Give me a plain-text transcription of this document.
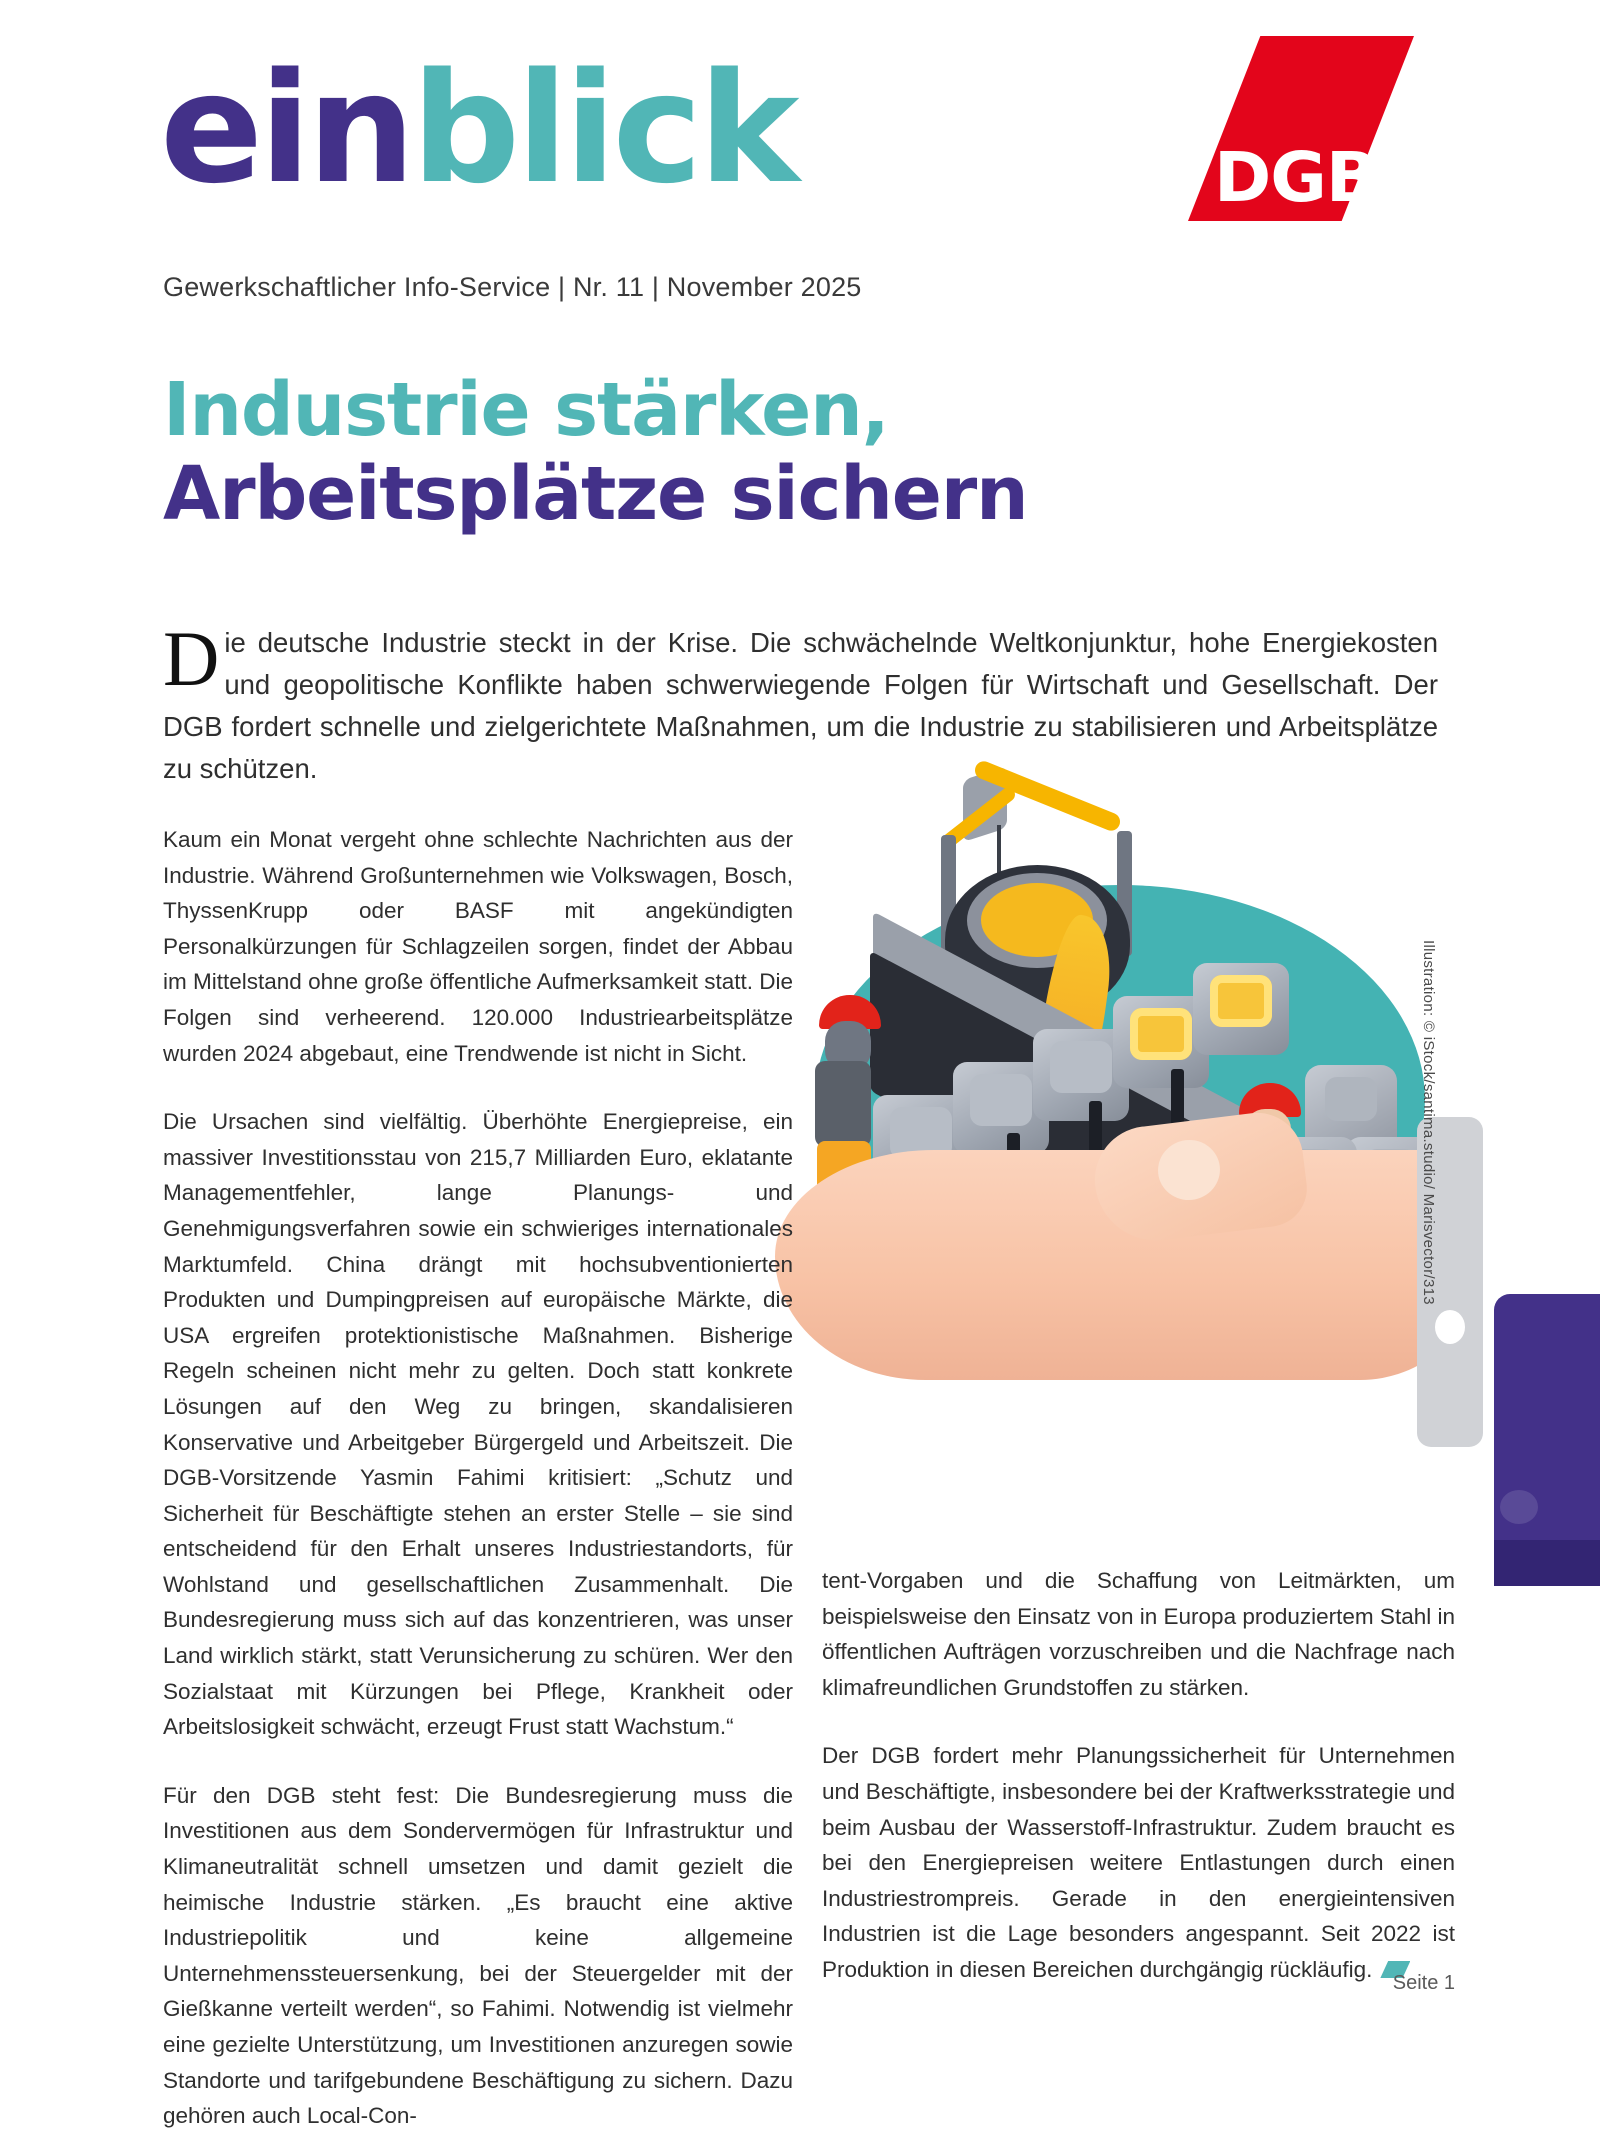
einblick
Gewerkschaftlicher Info-Service | Nr. 11 | November 2025
DGB
Industrie stärken,
Arbeitsplätze sichern
Die deutsche Industrie steckt in der Krise. Die schwächelnde Weltkonjunktur, hohe Energiekosten und geopolitische Konflikte haben schwerwiegende Folgen für Wirtschaft und Gesellschaft. Der DGB fordert schnelle und zielgerichtete Maßnahmen, um die Industrie zu stabilisieren und Arbeitsplätze zu schützen.
Illustration: © iStock/santima.studio/ Marisvector/313

Kaum ein Monat vergeht ohne schlechte Nachrichten aus der Industrie. Während Großunternehmen wie Volkswagen, Bosch, ThyssenKrupp oder BASF mit angekündigten Personalkürzungen für Schlagzeilen sorgen, findet der Abbau im Mittelstand ohne große öffentliche Aufmerksamkeit statt. Die Folgen sind verheerend. 120.000 Industriearbeitsplätze wurden 2024 abgebaut, eine Trendwende ist nicht in Sicht.

Die Ursachen sind vielfältig. Überhöhte Energiepreise, ein massiver Investitionsstau von 215,7 Milliarden Euro, eklatante Managementfehler, lange Planungs- und Genehmigungsverfahren sowie ein schwieriges internationales Marktumfeld. China drängt mit hochsubventionierten Produkten und Dumpingpreisen auf europäische Märkte, die USA ergreifen protektionistische Maßnahmen. Bisherige Regeln scheinen nicht mehr zu gelten. Doch statt konkrete Lösungen auf den Weg zu bringen, skandalisieren Konservative und Arbeitgeber Bürgergeld und Arbeitszeit. Die DGB-Vorsitzende Yasmin Fahimi kritisiert: „Schutz und Sicherheit für Beschäftigte stehen an erster Stelle – sie sind entscheidend für den Erhalt unseres Industriestandorts, für Wohlstand und gesellschaftlichen Zusammenhalt. Die Bundesregierung muss sich auf das konzentrieren, was unser Land wirklich stärkt, statt Verunsicherung zu schüren. Wer den Sozialstaat mit Kürzungen bei Pflege, Krankheit oder Arbeitslosigkeit schwächt, erzeugt Frust statt Wachstum.“

Für den DGB steht fest: Die Bundesregierung muss die Investitionen aus dem Sondervermögen für Infrastruktur und Klimaneutralität schnell umsetzen und damit gezielt die heimische Industrie stärken. „Es braucht eine aktive Industriepolitik und keine allgemeine Unternehmenssteuersenkung, bei der Steuergelder mit der Gießkanne verteilt werden“, so Fahimi. Notwendig ist vielmehr eine gezielte Unterstützung, um Investitionen anzuregen sowie Standorte und tarifgebundene Beschäftigung zu sichern. Dazu gehören auch Local-Con-

tent-Vorgaben und die Schaffung von Leitmärkten, um beispielsweise den Einsatz von in Europa produziertem Stahl in öffentlichen Aufträgen vorzuschreiben und die Nachfrage nach klimafreundlichen Grundstoffen zu stärken.

Der DGB fordert mehr Planungssicherheit für Unternehmen und Beschäftigte, insbesondere bei der Kraftwerksstrategie und beim Ausbau der Wasserstoff-Infrastruktur. Zudem braucht es bei den Energiepreisen weitere Entlastungen durch einen Industriestrompreis. Gerade in den energieintensiven Industrien ist die Lage besonders angespannt. Seit 2022 ist Produktion in diesen Bereichen durchgängig rückläufig.

Seite 1
